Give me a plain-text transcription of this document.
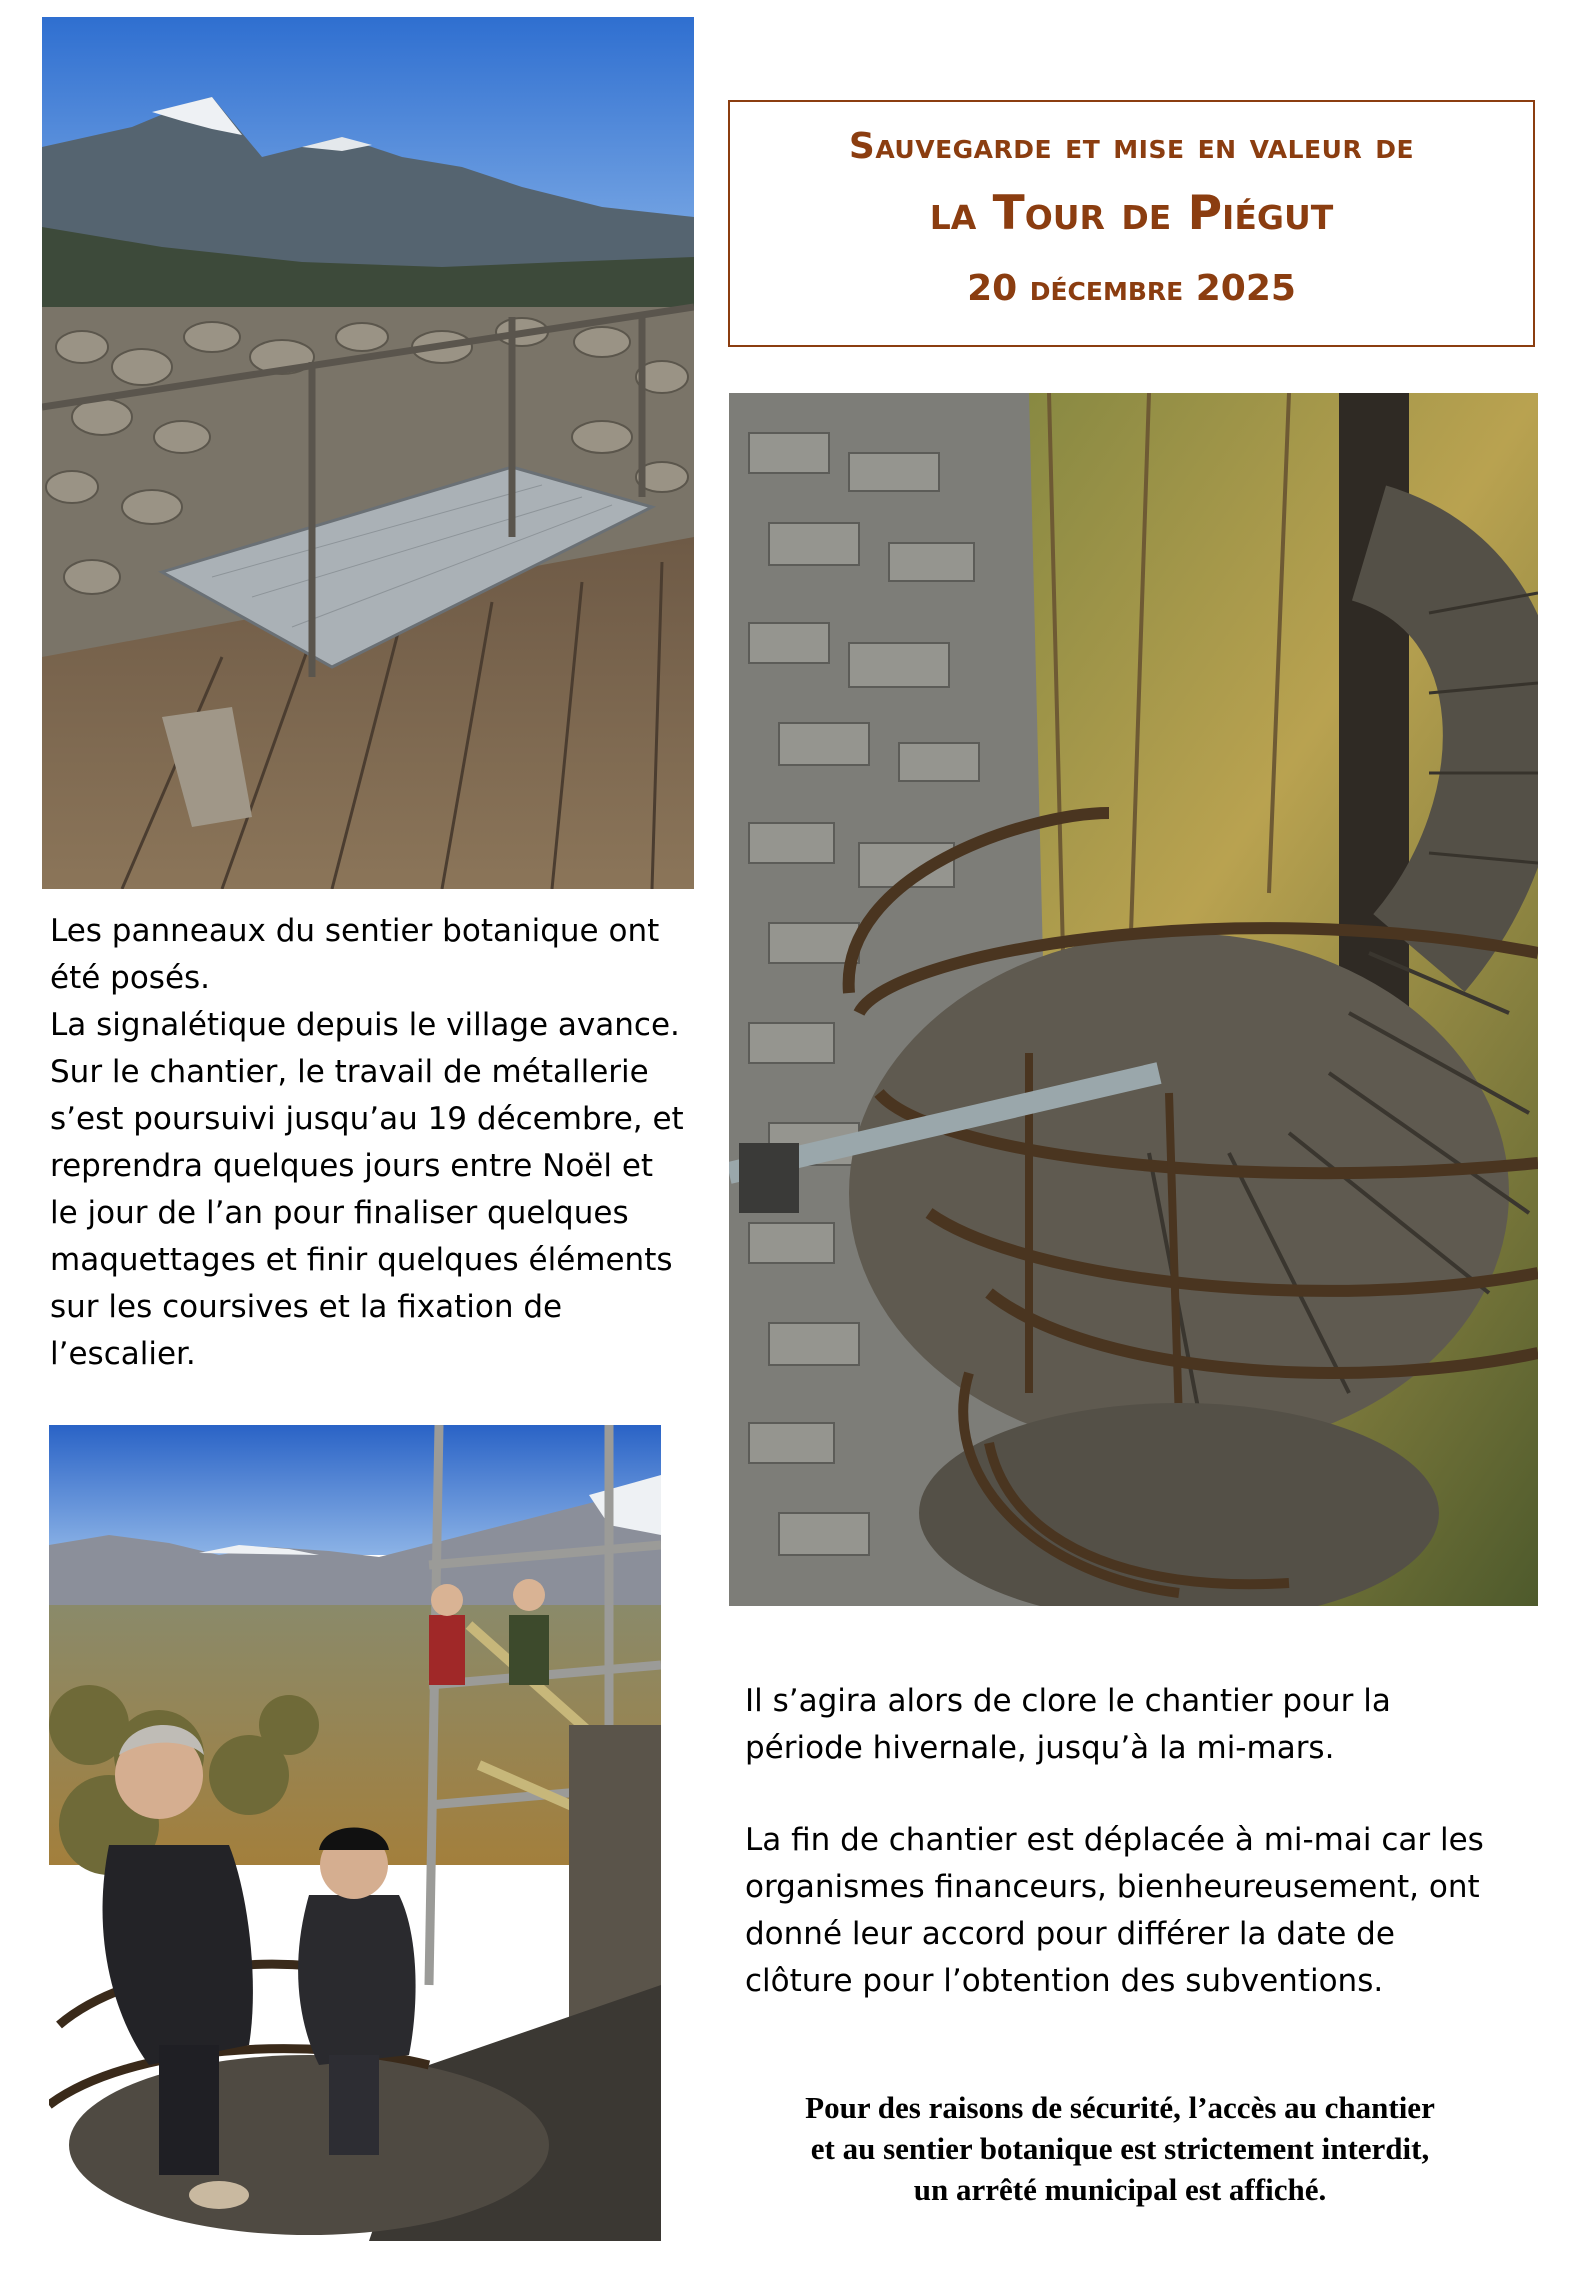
Sauvegarde et mise en valeur de
la Tour de Piégut
20 décembre 2025

Les panneaux du sentier botanique ont été posés.

La signalétique depuis le village avance.

Sur le chantier, le travail de métallerie s’est poursuivi jusqu’au 19 décembre, et reprendra quelques jours entre Noël et le jour de l’an pour finaliser quelques maquettages et finir quelques éléments sur les coursives et la fixation de l’escalier.

Il s’agira alors de clore le chantier pour la période hivernale, jusqu’à la mi-mars.

La fin de chantier est déplacée à mi-mai car les organismes financeurs, bienheureusement, ont donné leur accord pour différer la date de clôture pour l’obtention des subventions.

Pour des raisons de sécurité, l’accès au chantier
et au sentier botanique est strictement interdit,
un arrêté municipal est affiché.
